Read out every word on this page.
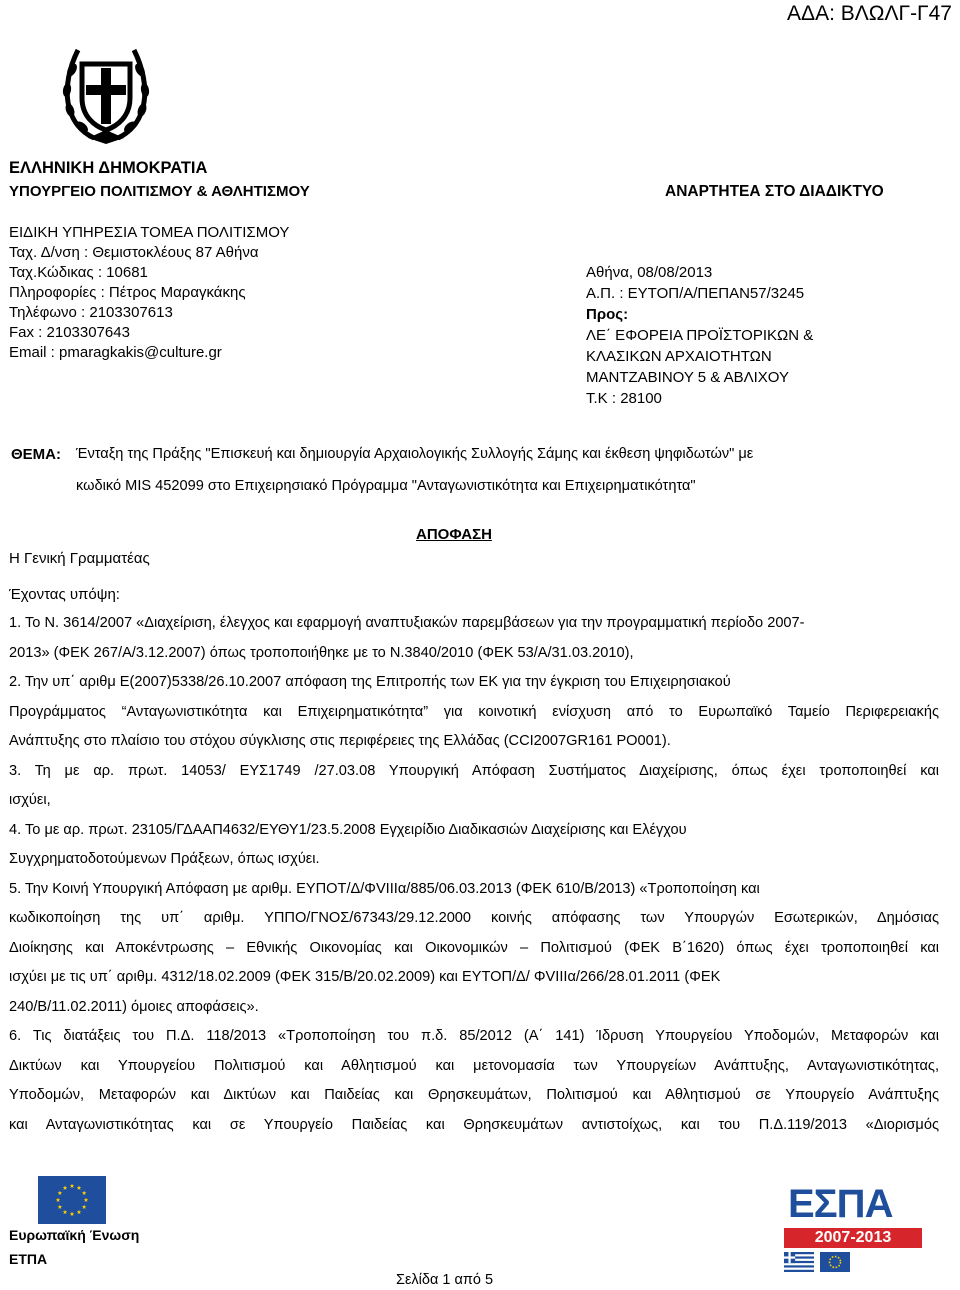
ΑΔΑ: ΒΛΩΛΓ-Γ47
ΕΛΛΗΝΙΚΗ ΔΗΜΟΚΡΑΤΙΑ
ΥΠΟΥΡΓΕΙΟ ΠΟΛΙΤΙΣΜΟΥ & ΑΘΛΗΤΙΣΜΟΥ
ΕΙΔΙΚΗ ΥΠΗΡΕΣΙΑ ΤΟΜΕΑ ΠΟΛΙΤΙΣΜΟΥ
Ταχ. Δ/νση : Θεμιστοκλέους 87 Αθήνα
Ταχ.Κώδικας : 10681
Πληροφορίες : Πέτρος Μαραγκάκης
Τηλέφωνο : 2103307613
Fax : 2103307643
Email : pmaragkakis@culture.gr
ΑΝΑΡΤΗΤΕΑ ΣΤΟ ΔΙΑΔΙΚΤΥΟ
Αθήνα, 08/08/2013
Α.Π. : ΕΥΤΟΠ/Α/ΠΕΠΑΝ57/3245
Προς:
ΛΕ΄ ΕΦΟΡΕΙΑ ΠΡΟΪΣΤΟΡΙΚΩΝ &
ΚΛΑΣΙΚΩΝ ΑΡΧΑΙΟΤΗΤΩΝ
ΜΑΝΤΖΑΒΙΝΟΥ 5 & ΑΒΛΙΧΟΥ
Τ.Κ : 28100
ΘΕΜΑ: Ένταξη της Πράξης "Επισκευή και δημιουργία Αρχαιολογικής Συλλογής Σάμης και έκθεση ψηφιδωτών" με
κωδικό MIS 452099 στο Επιχειρησιακό Πρόγραμμα "Ανταγωνιστικότητα και Επιχειρηματικότητα"
ΑΠΟΦΑΣΗ
Η Γενική Γραμματέας
Έχοντας υπόψη:
1. Το Ν. 3614/2007 «Διαχείριση, έλεγχος και εφαρμογή αναπτυξιακών παρεμβάσεων για την προγραμματική περίοδο 2007-
2013» (ΦΕΚ 267/Α/3.12.2007) όπως τροποποιήθηκε με το Ν.3840/2010 (ΦΕΚ 53/Α/31.03.2010),
2. Την υπ΄ αριθμ Ε(2007)5338/26.10.2007 απόφαση της Επιτροπής των ΕΚ για την έγκριση του Επιχειρησιακού
Προγράμματος “Ανταγωνιστικότητα και Επιχειρηματικότητα” για κοινοτική ενίσχυση από το Ευρωπαϊκό Ταμείο Περιφερειακής
Ανάπτυξης στο πλαίσιο του στόχου σύγκλισης στις περιφέρειες της Ελλάδας (CCI2007GR161 PO001).
3. Τη με αρ. πρωτ. 14053/ ΕΥΣ1749 /27.03.08 Υπουργική Απόφαση Συστήματος Διαχείρισης, όπως έχει τροποποιηθεί και
ισχύει,
4. Το με αρ. πρωτ. 23105/ΓΔΑΑΠ4632/ΕΥΘΥ1/23.5.2008 Εγχειρίδιο Διαδικασιών Διαχείρισης και Ελέγχου
Συγχρηματοδοτούμενων Πράξεων, όπως ισχύει.
5. Την Κοινή Υπουργική Απόφαση με αριθμ. ΕΥΠΟΤ/Δ/ΦVIIIα/885/06.03.2013 (ΦΕΚ 610/Β/2013) «Τροποποίηση και
κωδικοποίηση της υπ΄ αριθμ. ΥΠΠΟ/ΓΝΟΣ/67343/29.12.2000 κοινής απόφασης των Υπουργών Εσωτερικών, Δημόσιας
Διοίκησης και Αποκέντρωσης – Εθνικής Οικονομίας και Οικονομικών – Πολιτισμού (ΦΕΚ Β΄1620) όπως έχει τροποποιηθεί και
ισχύει με τις υπ΄ αριθμ. 4312/18.02.2009 (ΦΕΚ 315/Β/20.02.2009) και ΕΥΤΟΠ/Δ/ ΦVIIIα/266/28.01.2011 (ΦΕΚ
240/Β/11.02.2011) όμοιες αποφάσεις».
6. Τις διατάξεις του Π.Δ. 118/2013 «Τροποποίηση του π.δ. 85/2012 (Α΄ 141) Ίδρυση Υπουργείου Υποδομών, Μεταφορών και
Δικτύων και Υπουργείου Πολιτισμού και Αθλητισμού και μετονομασία των Υπουργείων Ανάπτυξης, Ανταγωνιστικότητας,
Υποδομών, Μεταφορών και Δικτύων και Παιδείας και Θρησκευμάτων, Πολιτισμού και Αθλητισμού σε Υπουργείο Ανάπτυξης
και Ανταγωνιστικότητας και σε Υπουργείο Παιδείας και Θρησκευμάτων αντιστοίχως, και του Π.Δ.119/2013 «Διορισμός
Ευρωπαϊκή Ένωση
ΕΤΠΑ
Σελίδα 1 από 5
ΕΣΠΑ
2007-2013
